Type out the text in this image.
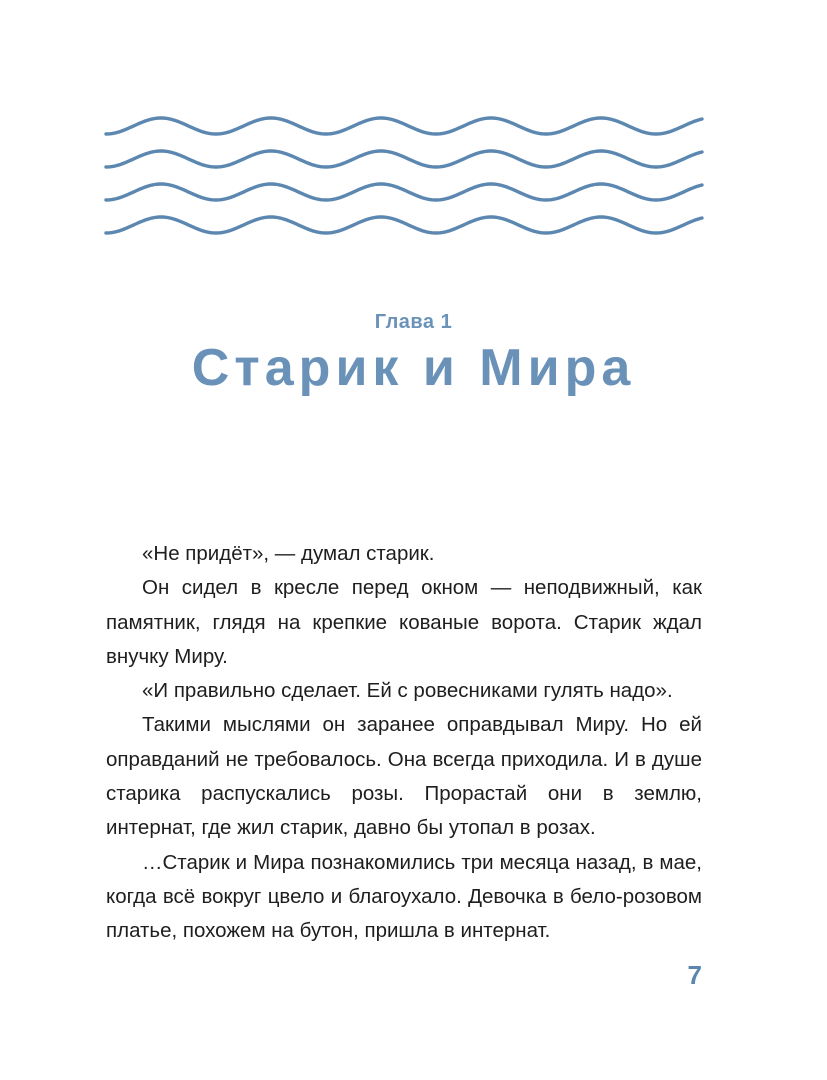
Глава 1
Старик и Мира

«Не придёт», — думал старик.

Он сидел в кресле перед окном — неподвижный, как памятник, глядя на крепкие кованые ворота. Старик ждал внучку Миру.

«И правильно сделает. Ей с ровесниками гулять надо».

Такими мыслями он заранее оправдывал Миру. Но ей оправданий не требовалось. Она всегда приходила. И в душе старика распускались розы. Прорастай они в землю, интернат, где жил старик, давно бы утопал в розах.

…Старик и Мира познакомились три месяца назад, в мае, когда всё вокруг цвело и благоухало. Девочка в бело-розовом платье, похожем на бутон, пришла в интернат.

7
